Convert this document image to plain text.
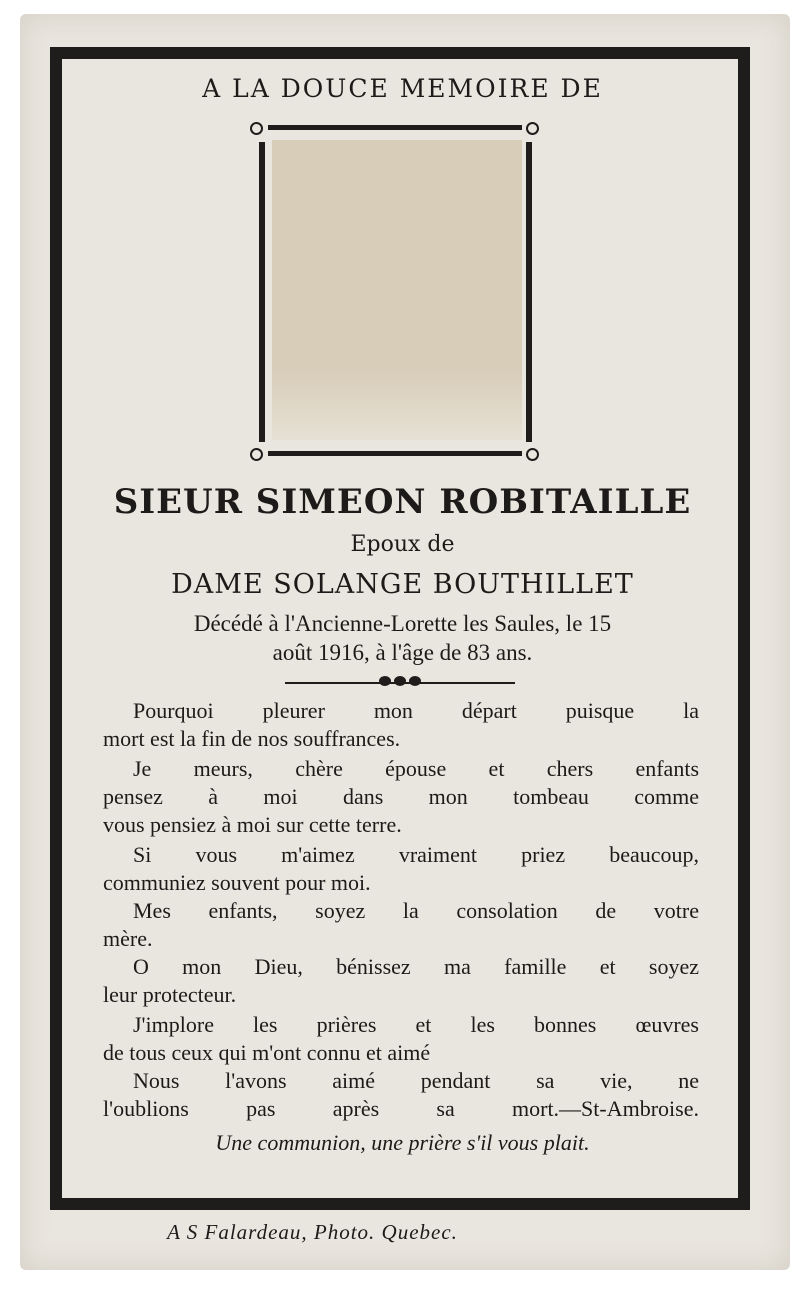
A LA DOUCE MEMOIRE DE
SIEUR SIMEON ROBITAILLE
Epoux de
DAME SOLANGE BOUTHILLET
Décédé à l'Ancienne-Lorette les Saules, le 15
août 1916, à l'âge de 83 ans.
Pourquoi pleurer mon départ puisque la
mort est la fin de nos souffrances.
Je meurs, chère épouse et chers enfants
pensez à moi dans mon tombeau comme
vous pensiez à moi sur cette terre.
Si vous m'aimez vraiment priez beaucoup,
communiez souvent pour moi.
Mes enfants, soyez la consolation de votre
mère.
O mon Dieu, bénissez ma famille et soyez
leur protecteur.
J'implore les prières et les bonnes œuvres
de tous ceux qui m'ont connu et aimé
Nous l'avons aimé pendant sa vie, ne
l'oublions pas après sa mort.—St-Ambroise.
Une communion, une prière s'il vous plait.
A S Falardeau, Photo. Quebec.
